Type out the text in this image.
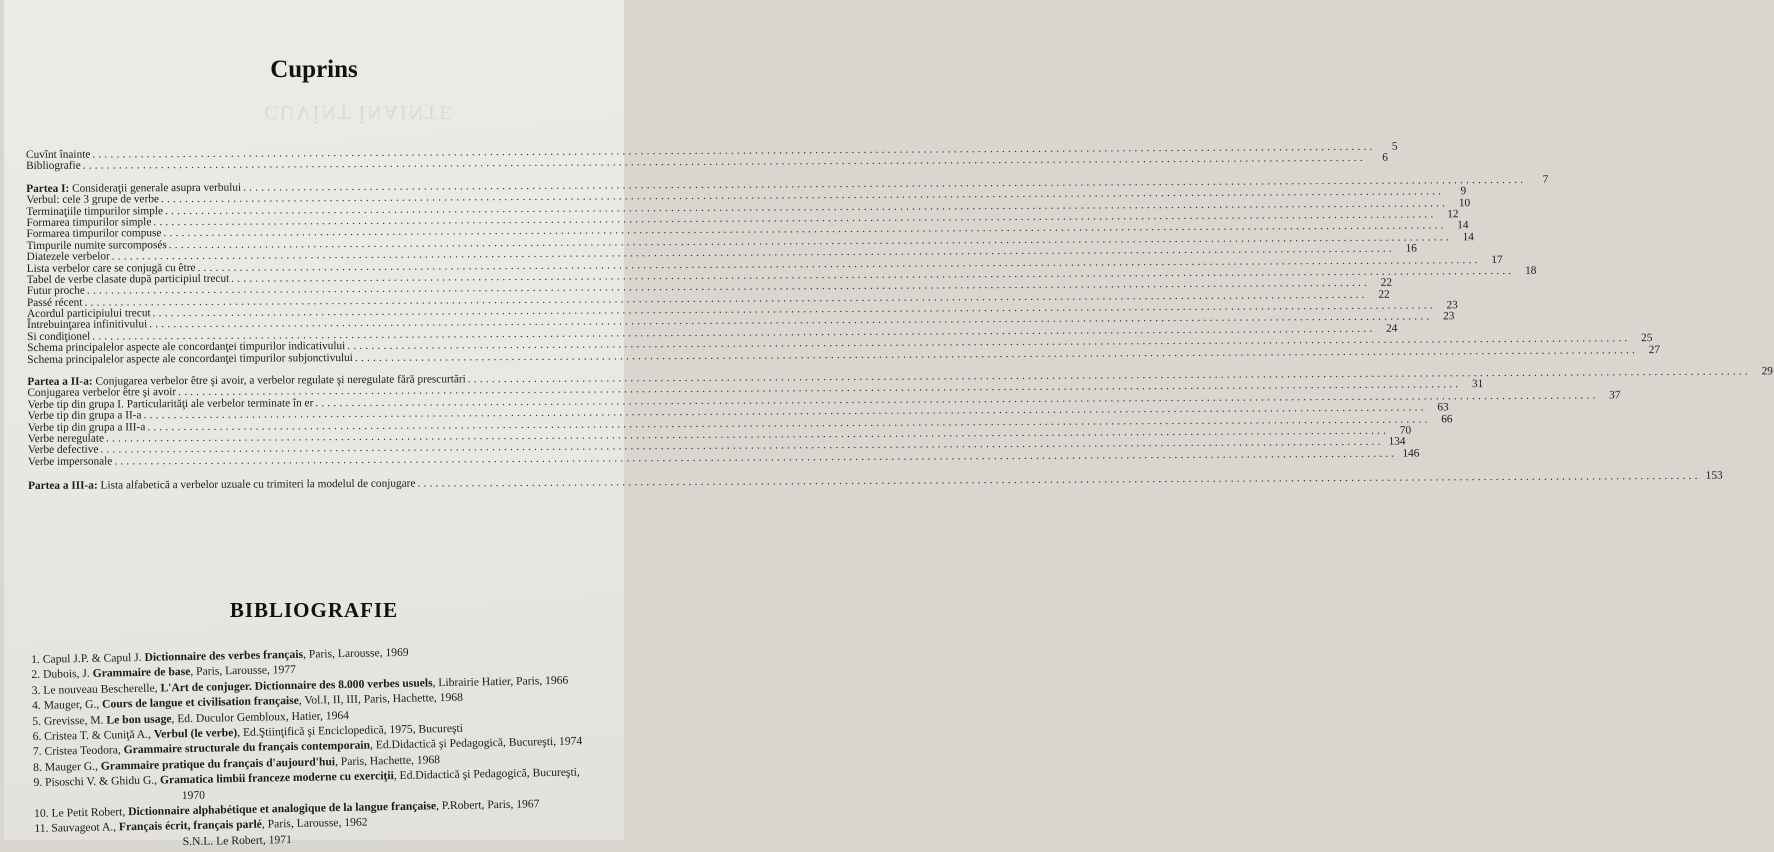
CUVÎNT ÎNAINTE
Cuprins
Cuvînt înainte
.....
5
Bibliografie
.....
6
Partea I: Consideraţii generale asupra verbului
.....
7
Verbul: cele 3 grupe de verbe
.....
9
Terminaţiile timpurilor simple
.....
10
Formarea timpurilor simple
.....
12
Formarea timpurilor compuse
.....
14
Timpurile numite surcomposés
.....
14
Diatezele verbelor
.....
16
Lista verbelor care se conjugă cu être
.....
17
Tabel de verbe clasate după participiul trecut
.....
18
Futur proche
.....
22
Passé récent
.....
22
Acordul participiului trecut
.....
23
Întrebuinţarea infinitivului
.....
23
Si condiţionel
.....
24
Schema principalelor aspecte ale concordanţei timpurilor indicativului
.....
25
Schema principalelor aspecte ale concordanţei timpurilor subjonctivului
.....
27
Partea a II-a: Conjugarea verbelor être şi avoir, a verbelor regulate şi neregulate fără prescurtări
.....
29
Conjugarea verbelor être şi avoir
.....
31
Verbe tip din grupa I. Particularităţi ale verbelor terminate în er
.....
37
Verbe tip din grupa a II-a
.....
63
Verbe tip din grupa a III-a
.....
66
Verbe neregulate
.....
70
Verbe defective
.....
134
Verbe impersonale
.....
146
Partea a III-a: Lista alfabetică a verbelor uzuale cu trimiteri la modelul de conjugare
.....
153
BIBLIOGRAFIE
1. Capul J.P. & Capul J. Dictionnaire des verbes français, Paris, Larousse, 1969
2. Dubois, J. Grammaire de base, Paris, Larousse, 1977
3. Le nouveau Bescherelle, L'Art de conjuger. Dictionnaire des 8.000 verbes usuels, Librairie Hatier, Paris, 1966
4. Mauger, G., Cours de langue et civilisation française, Vol.I, II, III, Paris, Hachette, 1968
5. Grevisse, M. Le bon usage, Ed. Duculor Gembloux, Hatier, 1964
6. Cristea T. & Cuniţă A., Verbul (le verbe), Ed.Ştiinţifică şi Enciclopedică, 1975, Bucureşti
7. Cristea Teodora, Grammaire structurale du français contemporain, Ed.Didactică şi Pedagogică, Bucureşti, 1974
8. Mauger G., Grammaire pratique du français d'aujourd'hui, Paris, Hachette, 1968
9. Pisoschi V. & Ghidu G., Gramatica limbii franceze moderne cu exerciţii, Ed.Didactică şi Pedagogică, Bucureşti,
1970
10. Le Petit Robert, Dictionnaire alphabétique et analogique de la langue française, P.Robert, Paris, 1967
11. Sauvageot A., Français écrit, français parlé, Paris, Larousse, 1962
S.N.L. Le Robert, 1971
